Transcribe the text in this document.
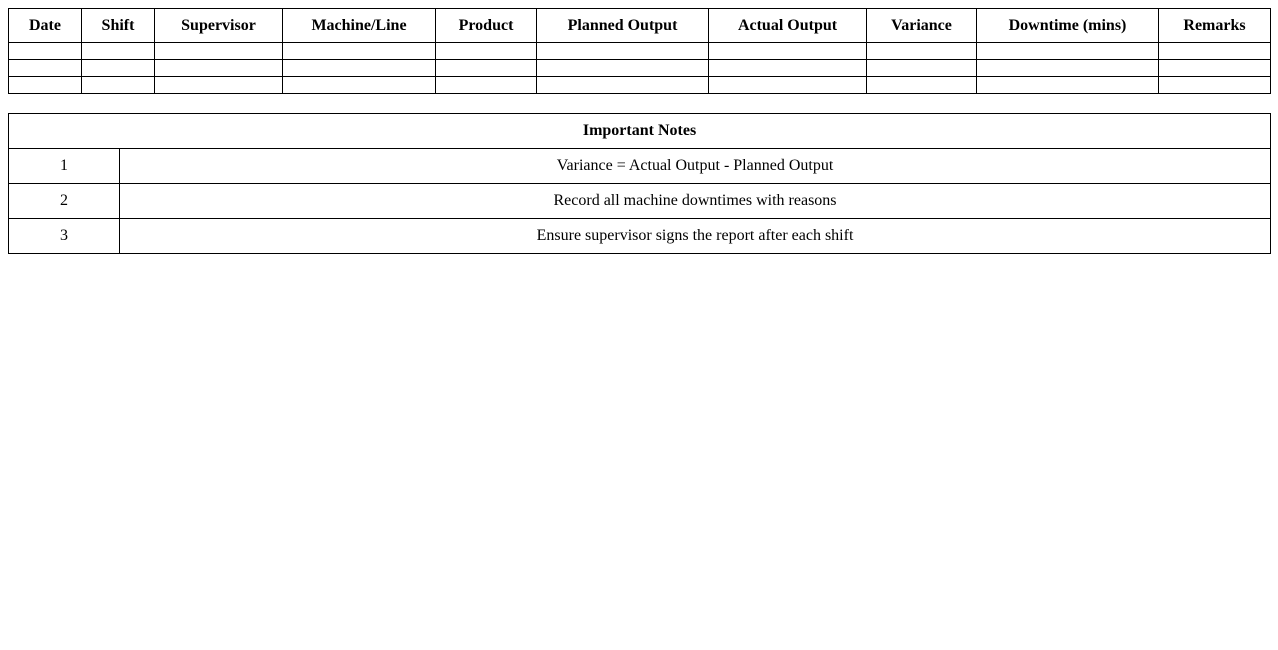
Date	Shift	Supervisor	Machine/Line	Product	Planned Output	Actual Output	Variance	Downtime (mins)	Remarks

Important Notes	
1	Variance = Actual Output - Planned Output
2	Record all machine downtimes with reasons
3	Ensure supervisor signs the report after each shift
